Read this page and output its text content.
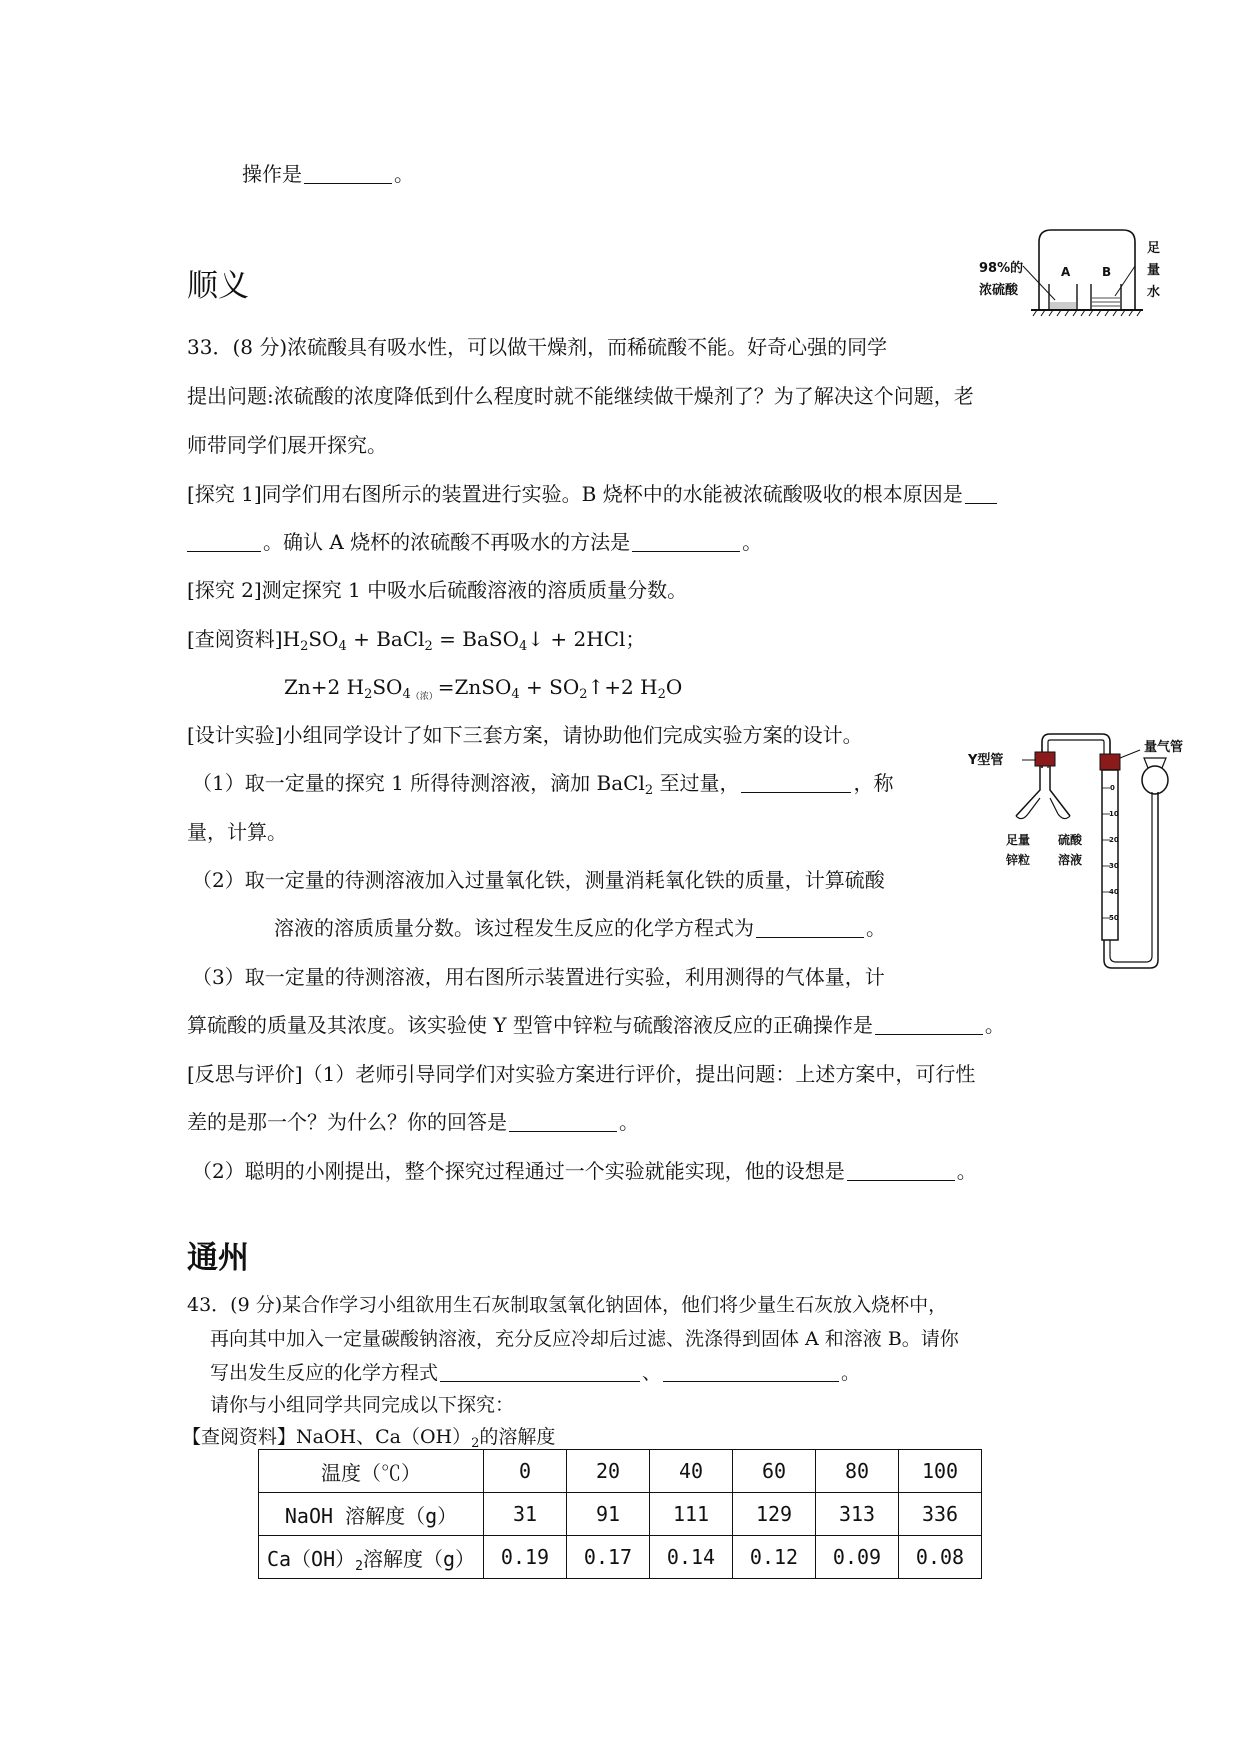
操作是	。
顺义	A	B
98%的
浓硫酸
足
量
水
33．(8 分)浓硫酸具有吸水性，可以做干燥剂，而稀硫酸不能。好奇心强的同学
提出问题:浓硫酸的浓度降低到什么程度时就不能继续做干燥剂了？为了解决这个问题，老
师带同学们展开探究。
[探究 1]同学们用右图所示的装置进行实验。B 烧杯中的水能被浓硫酸吸收的根本原因是
。确认 A 烧杯的浓硫酸不再吸水的方法是	。
[探究 2]测定探究 1 中吸水后硫酸溶液的溶质质量分数。
[查阅资料]$H_2SO_4$ + BaCl$_2$ = BaSO$_4$↓ + 2HCl；
Zn+2 $H_2SO_{4(浓)}=ZnSO_4$ + $SO_2↑+2$ $H_2O$
[设计实验]小组同学设计了如下三套方案，请协助他们完成实验方案的设计。
0
10
20
30
40
50
Y型管
量气管
足量
锌粒
硫酸
溶液
（1）取一定量的探究 1 所得待测溶液，滴加 BaCl$_2$ 至过量，	，称
量，计算。
（2）取一定量的待测溶液加入过量氧化铁，测量消耗氧化铁的质量，计算硫酸
溶液的溶质质量分数。该过程发生反应的化学方程式为	。
（3）取一定量的待测溶液，用右图所示装置进行实验，利用测得的气体量，计
算硫酸的质量及其浓度。该实验使 Y 型管中锌粒与硫酸溶液反应的正确操作是	。
[反思与评价]（1）老师引导同学们对实验方案进行评价，提出问题：上述方案中，可行性
差的是那一个？为什么？你的回答是	。
（2）聪明的小刚提出，整个探究过程通过一个实验就能实现，他的设想是	。
通州
43．(9 分)某合作学习小组欲用生石灰制取氢氧化钠固体，他们将少量生石灰放入烧杯中，
再向其中加入一定量碳酸钠溶液，充分反应冷却后过滤、洗涤得到固体 A 和溶液 B。请你
写出发生反应的化学方程式	、	。
请你与小组同学共同完成以下探究：
【查阅资料】NaOH、$Ca(OH)_2$的溶解度
温度（℃）	0	20	40	60	80	100
NaOH 溶解度（g）	31	91	111	129	313	336
$Ca(OH)_2$溶解度（g）	0.19	0.17	0.14	0.12	0.09	0.08
